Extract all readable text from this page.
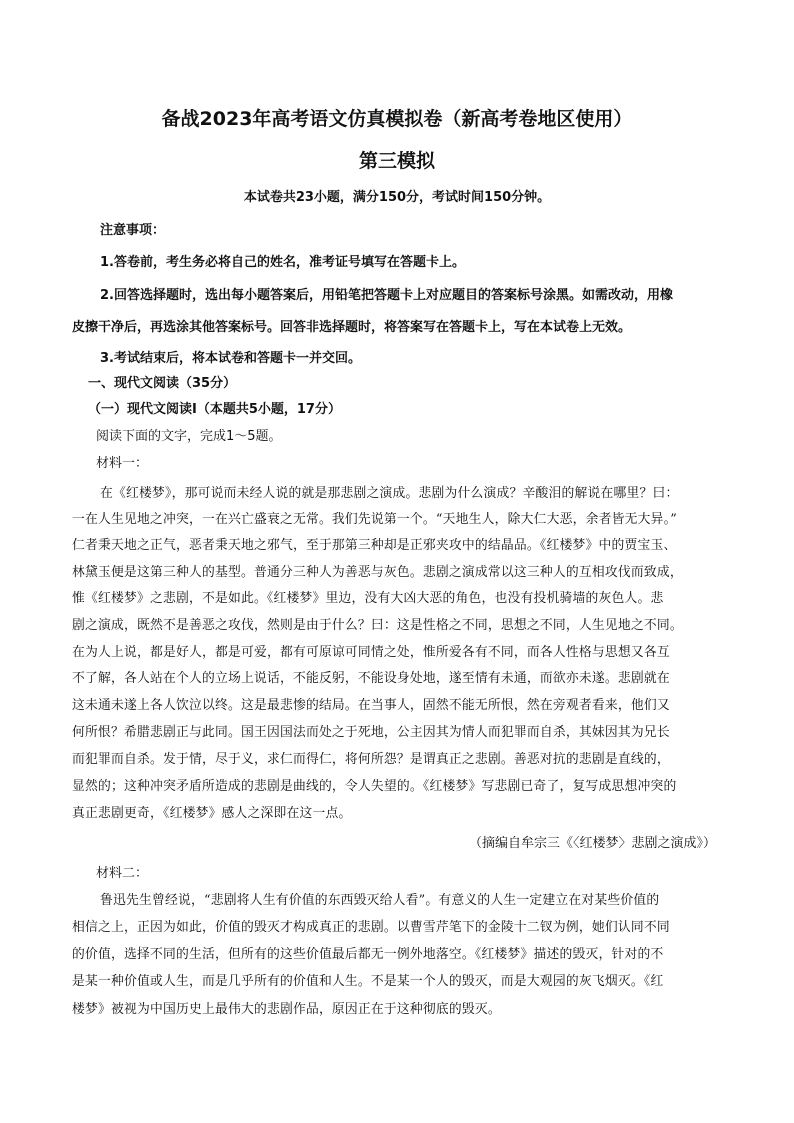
备战2023年高考语文仿真模拟卷（新高考卷地区使用）
第三模拟
本试卷共23小题，满分150分，考试时间150分钟。
注意事项：
1.答卷前，考生务必将自己的姓名，准考证号填写在答题卡上。
2.回答选择题时，选出每小题答案后，用铅笔把答题卡上对应题目的答案标号涂黑。如需改动，用橡
皮擦干净后，再选涂其他答案标号。回答非选择题时，将答案写在答题卡上，写在本试卷上无效。
3.考试结束后，将本试卷和答题卡一并交回。
一、现代文阅读（35分）
（一）现代文阅读Ⅰ（本题共5小题，17分）
阅读下面的文字，完成1～5题。
材料一：
在《红楼梦》，那可说而未经人说的就是那悲剧之演成。悲剧为什么演成？辛酸泪的解说在哪里？曰：
一在人生见地之冲突，一在兴亡盛衰之无常。我们先说第一个。“天地生人，除大仁大恶，余者皆无大异。”
仁者秉天地之正气，恶者秉天地之邪气，至于那第三种却是正邪夹攻中的结晶品。《红楼梦》中的贾宝玉、
林黛玉便是这第三种人的基型。普通分三种人为善恶与灰色。悲剧之演成常以这三种人的互相攻伐而致成，
惟《红楼梦》之悲剧，不是如此。《红楼梦》里边，没有大凶大恶的角色，也没有投机骑墙的灰色人。悲
剧之演成，既然不是善恶之攻伐，然则是由于什么？曰：这是性格之不同，思想之不同，人生见地之不同。
在为人上说，都是好人，都是可爱，都有可原谅可同情之处，惟所爱各有不同，而各人性格与思想又各互
不了解，各人站在个人的立场上说话，不能反躬，不能设身处地，遂至情有未通，而欲亦未遂。悲剧就在
这未通未遂上各人饮泣以终。这是最悲惨的结局。在当事人，固然不能无所恨，然在旁观者看来，他们又
何所恨？希腊悲剧正与此同。国王因国法而处之于死地，公主因其为情人而犯罪而自杀，其妹因其为兄长
而犯罪而自杀。发于情，尽于义，求仁而得仁，将何所怨？是谓真正之悲剧。善恶对抗的悲剧是直线的，
显然的；这种冲突矛盾所造成的悲剧是曲线的，令人失望的。《红楼梦》写悲剧已奇了，复写成思想冲突的
真正悲剧更奇，《红楼梦》感人之深即在这一点。
（摘编自牟宗三《〈红楼梦〉悲剧之演成》）
材料二：
鲁迅先生曾经说，“悲剧将人生有价值的东西毁灭给人看”。有意义的人生一定建立在对某些价值的
相信之上，正因为如此，价值的毁灭才构成真正的悲剧。以曹雪芹笔下的金陵十二钗为例，她们认同不同
的价值，选择不同的生活，但所有的这些价值最后都无一例外地落空。《红楼梦》描述的毁灭，针对的不
是某一种价值或人生，而是几乎所有的价值和人生。不是某一个人的毁灭，而是大观园的灰飞烟灭。《红
楼梦》被视为中国历史上最伟大的悲剧作品，原因正在于这种彻底的毁灭。
